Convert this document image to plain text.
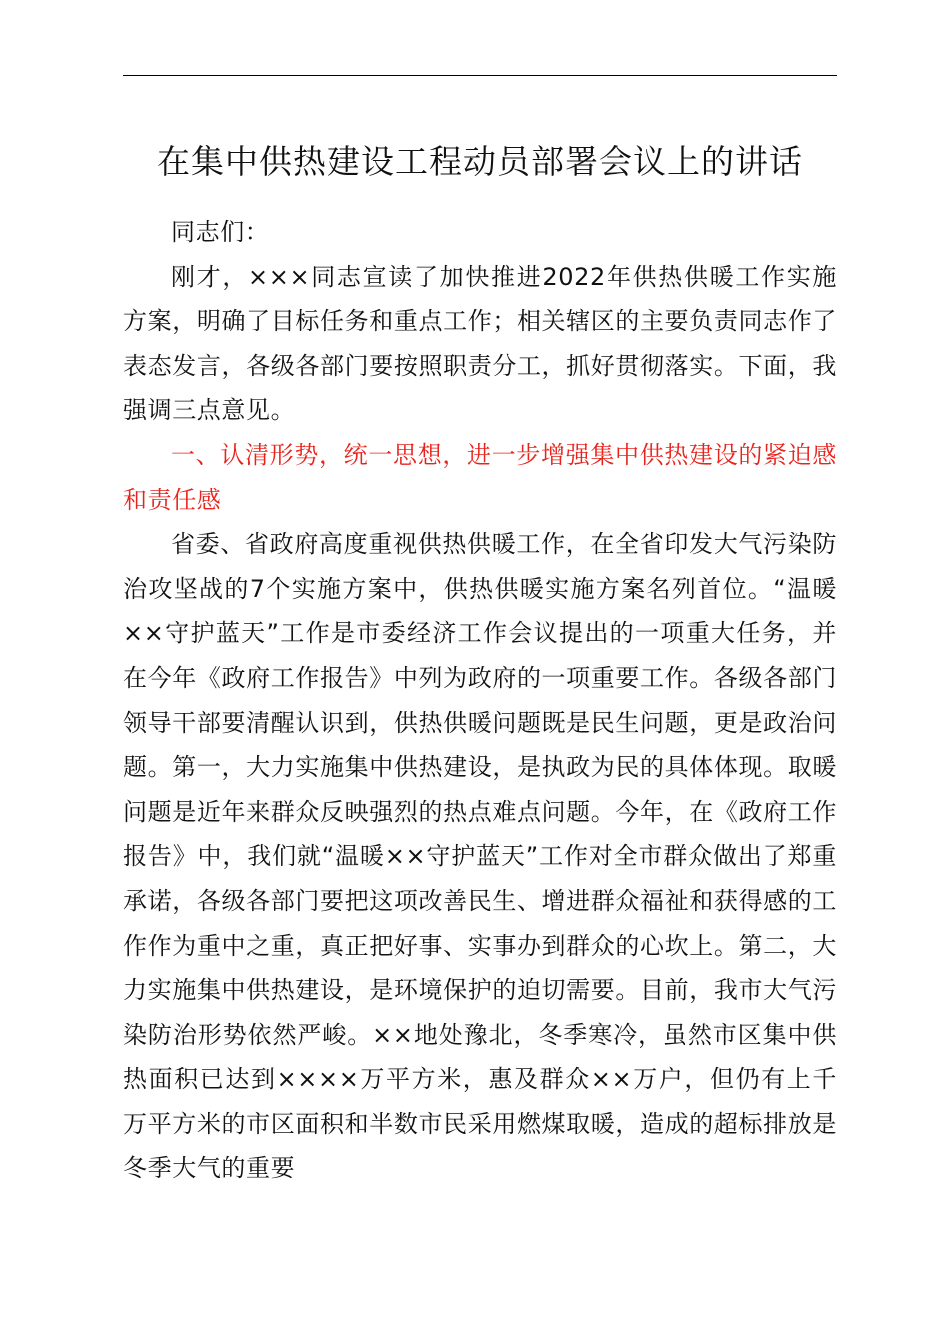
在集中供热建设工程动员部署会议上的讲话

同志们：

刚才，×××同志宣读了加快推进2022年供热供暖工作实施方案，明确了目标任务和重点工作；相关辖区的主要负责同志作了表态发言，各级各部门要按照职责分工，抓好贯彻落实。下面，我强调三点意见。

一、认清形势，统一思想，进一步增强集中供热建设的紧迫感和责任感

省委、省政府高度重视供热供暖工作，在全省印发大气污染防治攻坚战的7个实施方案中，供热供暖实施方案名列首位。“温暖××守护蓝天”工作是市委经济工作会议提出的一项重大任务，并在今年《政府工作报告》中列为政府的一项重要工作。各级各部门领导干部要清醒认识到，供热供暖问题既是民生问题，更是政治问题。第一，大力实施集中供热建设，是执政为民的具体体现。取暖问题是近年来群众反映强烈的热点难点问题。今年，在《政府工作报告》中，我们就“温暖××守护蓝天”工作对全市群众做出了郑重承诺，各级各部门要把这项改善民生、增进群众福祉和获得感的工作作为重中之重，真正把好事、实事办到群众的心坎上。第二，大力实施集中供热建设，是环境保护的迫切需要。目前，我市大气污染防治形势依然严峻。××地处豫北，冬季寒冷，虽然市区集中供热面积已达到××××万平方米，惠及群众××万户，但仍有上千万平方米的市区面积和半数市民采用燃煤取暖，造成的超标排放是冬季大气的重要
